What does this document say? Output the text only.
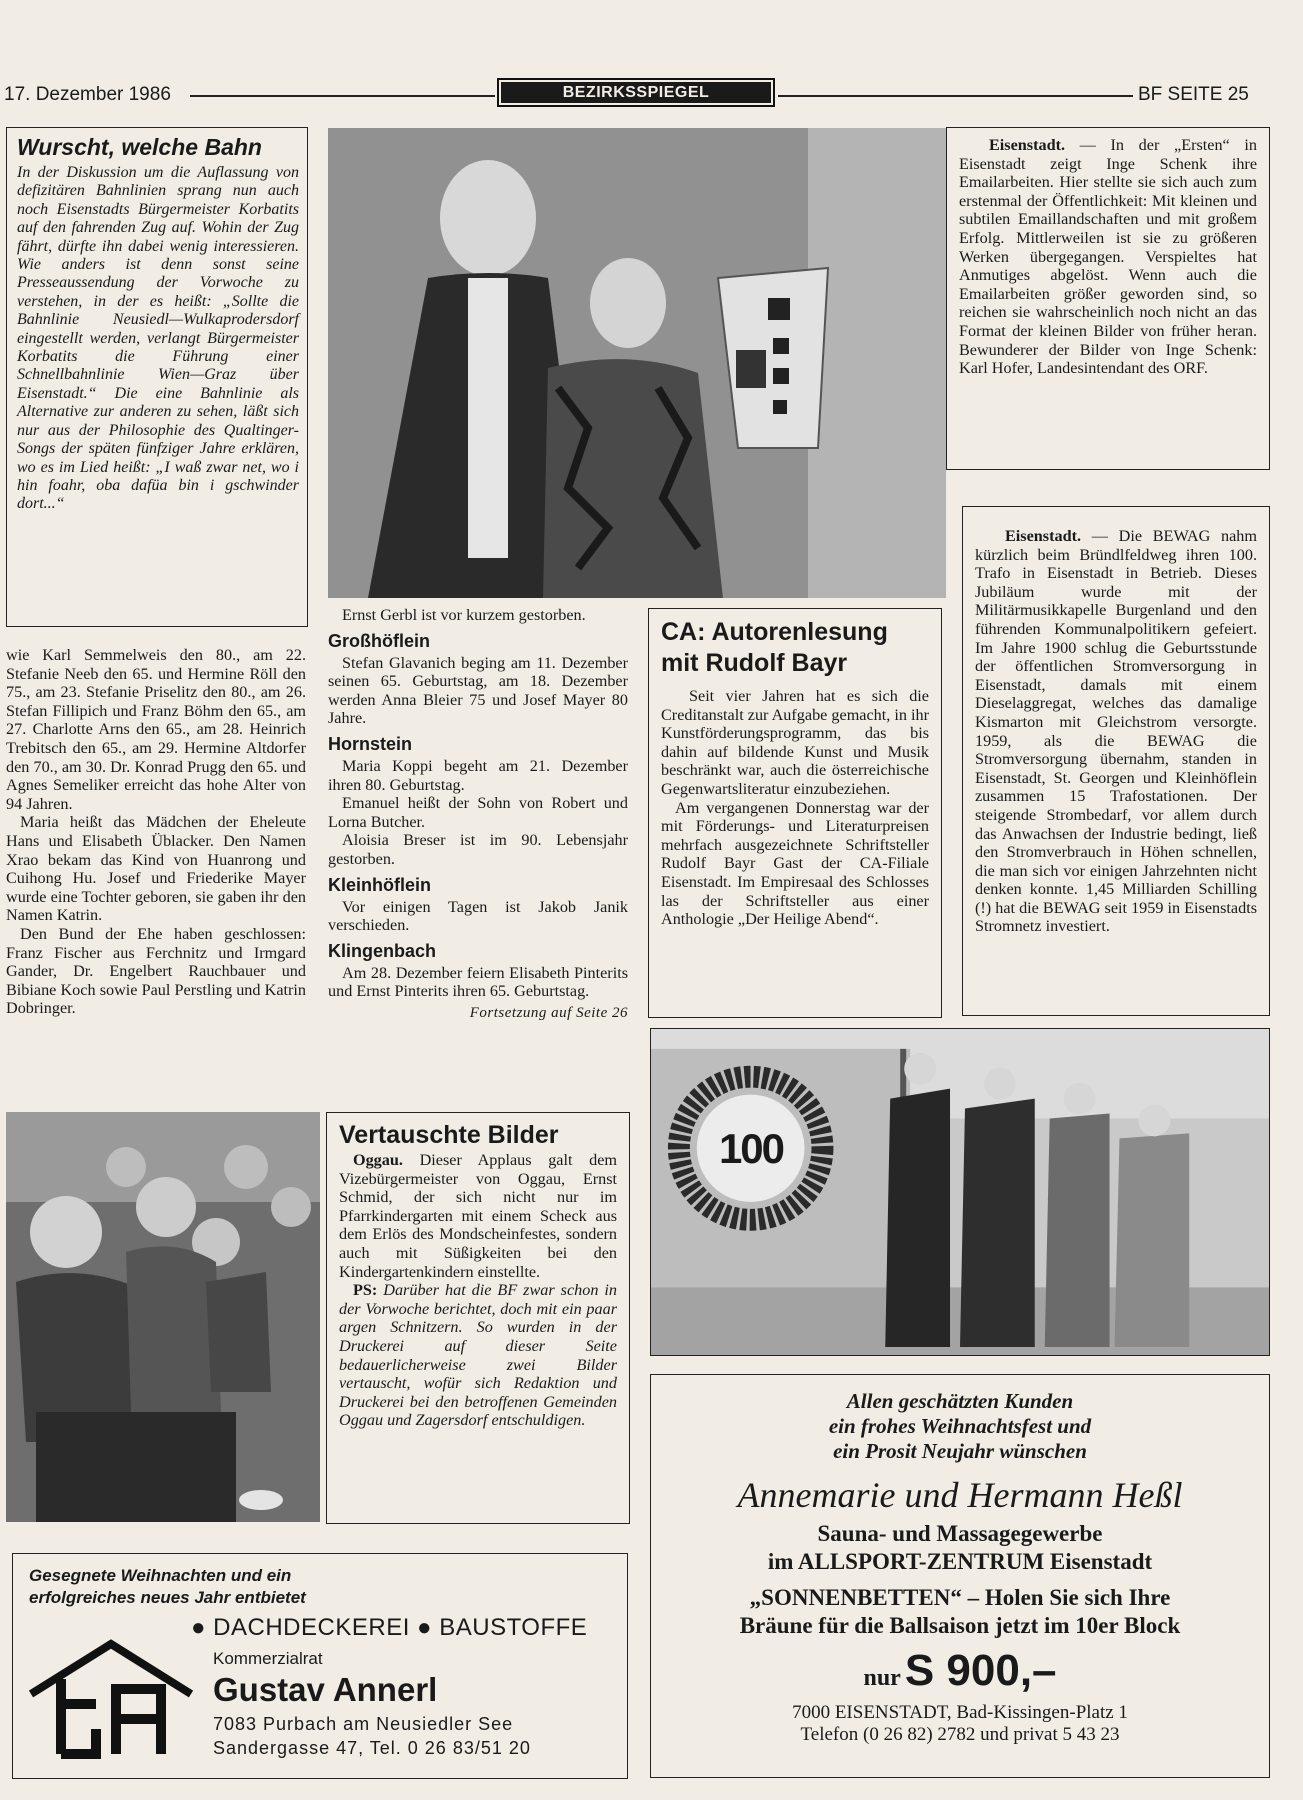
17. Dezember 1986	BEZIRKSSPIEGEL	BF SEITE 25
Wurscht, welche Bahn

In der Diskussion um die Auflassung von defizitären Bahnlinien sprang nun auch noch Eisenstadts Bürgermeister Korbatits auf den fahrenden Zug auf. Wohin der Zug fährt, dürfte ihn dabei wenig interessieren. Wie anders ist denn sonst seine Presseaussendung der Vorwoche zu verstehen, in der es heißt: „Sollte die Bahnlinie Neusiedl—Wulkaprodersdorf eingestellt werden, verlangt Bürgermeister Korbatits die Führung einer Schnellbahnlinie Wien—Graz über Eisenstadt.“ Die eine Bahnlinie als Alternative zur anderen zu sehen, läßt sich nur aus der Philosophie des Qualtinger-Songs der späten fünfziger Jahre erklären, wo es im Lied heißt: „I waß zwar net, wo i hin foahr, oba dafüa bin i gschwinder dort...“

wie Karl Semmelweis den 80., am 22. Stefanie Neeb den 65. und Hermine Röll den 75., am 23. Stefanie Priselitz den 80., am 26. Stefan Fillipich und Franz Böhm den 65., am 27. Charlotte Arns den 65., am 28. Heinrich Trebitsch den 65., am 29. Hermine Altdorfer den 70., am 30. Dr. Konrad Prugg den 65. und Agnes Semeliker erreicht das hohe Alter von 94 Jahren.

Maria heißt das Mädchen der Eheleute Hans und Elisabeth Üblacker. Den Namen Xrao bekam das Kind von Huanrong und Cuihong Hu. Josef und Friederike Mayer wurde eine Tochter geboren, sie gaben ihr den Namen Katrin.

Den Bund der Ehe haben geschlossen: Franz Fischer aus Ferchnitz und Irmgard Gander, Dr. Engelbert Rauchbauer und Bibiane Koch sowie Paul Perstling und Katrin Dobringer.

Eisenstadt. — In der „Ersten“ in Eisenstadt zeigt Inge Schenk ihre Emailarbeiten. Hier stellte sie sich auch zum erstenmal der Öffentlichkeit: Mit kleinen und subtilen Emaillandschaften und mit großem Erfolg. Mittlerweilen ist sie zu größeren Werken übergegangen. Verspieltes hat Anmutiges abgelöst. Wenn auch die Emailarbeiten größer geworden sind, so reichen sie wahrscheinlich noch nicht an das Format der kleinen Bilder von früher heran. Bewunderer der Bilder von Inge Schenk: Karl Hofer, Landesintendant des ORF.

Ernst Gerbl ist vor kurzem gestorben.

Großhöflein

Stefan Glavanich beging am 11. Dezember seinen 65. Geburtstag, am 18. Dezember werden Anna Bleier 75 und Josef Mayer 80 Jahre.

Hornstein

Maria Koppi begeht am 21. Dezember ihren 80. Geburtstag.

Emanuel heißt der Sohn von Robert und Lorna Butcher.

Aloisia Breser ist im 90. Lebensjahr gestorben.

Kleinhöflein

Vor einigen Tagen ist Jakob Janik verschieden.

Klingenbach

Am 28. Dezember feiern Elisabeth Pinterits und Ernst Pinterits ihren 65. Geburtstag.

Fortsetzung auf Seite 26
CA: Autorenlesung
mit Rudolf Bayr

Seit vier Jahren hat es sich die Creditanstalt zur Aufgabe gemacht, in ihr Kunstförderungsprogramm, das bis dahin auf bildende Kunst und Musik beschränkt war, auch die österreichische Gegenwartsliteratur einzubeziehen.

Am vergangenen Donnerstag war der mit Förderungs- und Literaturpreisen mehrfach ausgezeichnete Schriftsteller Rudolf Bayr Gast der CA-Filiale Eisenstadt. Im Empiresaal des Schlosses las der Schriftsteller aus einer Anthologie „Der Heilige Abend“.

Eisenstadt. — Die BEWAG nahm kürzlich beim Bründlfeldweg ihren 100. Trafo in Eisenstadt in Betrieb. Dieses Jubiläum wurde mit der Militärmusikkapelle Burgenland und den führenden Kommunalpolitikern gefeiert. Im Jahre 1900 schlug die Geburtsstunde der öffentlichen Stromversorgung in Eisenstadt, damals mit einem Dieselaggregat, welches das damalige Kismarton mit Gleichstrom versorgte. 1959, als die BEWAG die Stromversorgung übernahm, standen in Eisenstadt, St. Georgen und Kleinhöflein zusammen 15 Trafostationen. Der steigende Strombedarf, vor allem durch das Anwachsen der Industrie bedingt, ließ den Stromverbrauch in Höhen schnellen, die man sich vor einigen Jahrzehnten nicht denken konnte. 1,45 Milliarden Schilling (!) hat die BEWAG seit 1959 in Eisenstadts Stromnetz investiert.

100
Vertauschte Bilder

Oggau. Dieser Applaus galt dem Vizebürgermeister von Oggau, Ernst Schmid, der sich nicht nur im Pfarrkindergarten mit einem Scheck aus dem Erlös des Mondscheinfestes, sondern auch mit Süßigkeiten bei den Kindergartenkindern einstellte.

PS: Darüber hat die BF zwar schon in der Vorwoche berichtet, doch mit ein paar argen Schnitzern. So wurden in der Druckerei auf dieser Seite bedauerlicherweise zwei Bilder vertauscht, wofür sich Redaktion und Druckerei bei den betroffenen Gemeinden Oggau und Zagersdorf entschuldigen.

Gesegnete Weihnachten und ein
erfolgreiches neues Jahr entbietet
● DACHDECKEREI ● BAUSTOFFE
Kommerzialrat
Gustav Annerl
7083 Purbach am Neusiedler See
Sandergasse 47, Tel. 0 26 83/51 20
Allen geschätzten Kunden
ein frohes Weihnachtsfest und
ein Prosit Neujahr wünschen
Annemarie und Hermann Heßl
Sauna- und Massagegewerbe
im ALLSPORT-ZENTRUM Eisenstadt
„SONNENBETTEN“ – Holen Sie sich Ihre
Bräune für die Ballsaison jetzt im 10er Block
nur S 900,–
7000 EISENSTADT, Bad-Kissingen-Platz 1
Telefon (0 26 82) 2782 und privat 5 43 23
